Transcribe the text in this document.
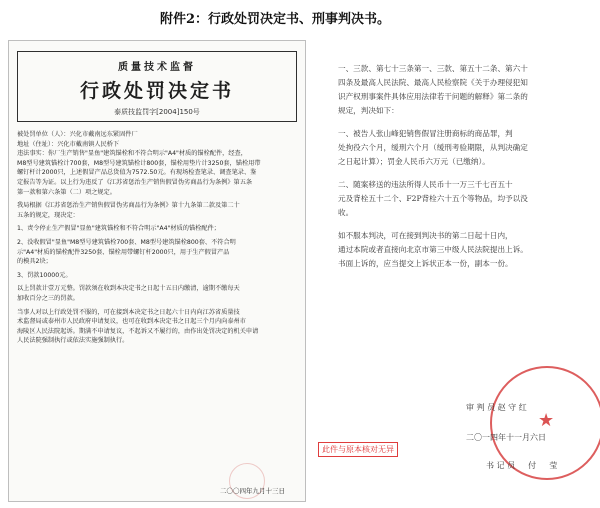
附件2：行政处罚决定书、刑事判决书。
质量技术监督
行政处罚决定书
泰质技监罚字[2004]150号
被处罚单位（人）：兴化市戴南远东紧固件厂
地址（住址）：兴化市戴南镇人民桥下
违法事实：你厂生产销售"显鱼"建筑锚栓和不符合明示"A4"材质的锚栓配件，经查，
M8型号建筑锚栓计700套，M8型号建筑锚栓计800套，锚栓用垫片计3250套，锚栓用带
螺钉杆计2000只，上述假冒产品总货值为7572.50元。有现场检查笔录、调查笔录、鉴
定报告等为证。以上行为违反了《江苏省惩治生产销售假冒伪劣商品行为条例》第五条
第一款和第六条第（二）项之规定。
我局根据《江苏省惩治生产销售假冒伪劣商品行为条例》第十九条第二款及第二十
五条的规定，现决定：
1、责令停止生产假冒"显鱼"建筑锚栓和不符合明示"A4"材质的锚栓配件；
2、没收假冒"显鱼"M8型号建筑锚栓700套、M8型号建筑锚栓800套、不符合明
示"A4"材质的锚栓配件3250套、锚栓用带螺钉杆2000只，用于生产假冒产品
的模具2块；
3、罚款10000元。
以上罚款计壹万元整。罚款须在收到本决定书之日起十五日内缴清，逾期不缴每天
加收百分之三的罚款。
当事人对以上行政处罚不服的，可在接到本决定书之日起六十日内向江苏省质量技
术监督局或泰州市人民政府申请复议，也可在收到本决定书之日起三个月内向泰州市
海陵区人民法院起诉。期满不申请复议，不起诉又不履行的，由作出处罚决定的机关申请
人民法院强制执行或依法实施强制执行。
二〇〇四年九月十三日
一、三款、第七十三条第一、三款、第五十二条、第六十
四条及最高人民法院、最高人民检察院《关于办理侵犯知
识产权刑事案件具体应用法律若干问题的解释》第二条的
规定，判决如下：
一、被告人张山峰犯销售假冒注册商标的商品罪，判
处拘役六个月，缓刑六个月（缓刑考验期限，从判决确定
之日起计算）；罚金人民币六万元（已缴纳）。
二、随案移送的违法所得人民币十一万三千七百五十
元及背栓五十二个、F2P背栓六十五个等物品，均予以没
收。
如不服本判决，可在接到判决书的第二日起十日内，
通过本院或者直接向北京市第三中级人民法院提出上诉。
书面上诉的，应当提交上诉状正本一份，副本一份。
★
审 判 员 赵 守 红
二〇一四年十一月六日
书 记 员 　 付 　 莹
此件与原本核对无异
